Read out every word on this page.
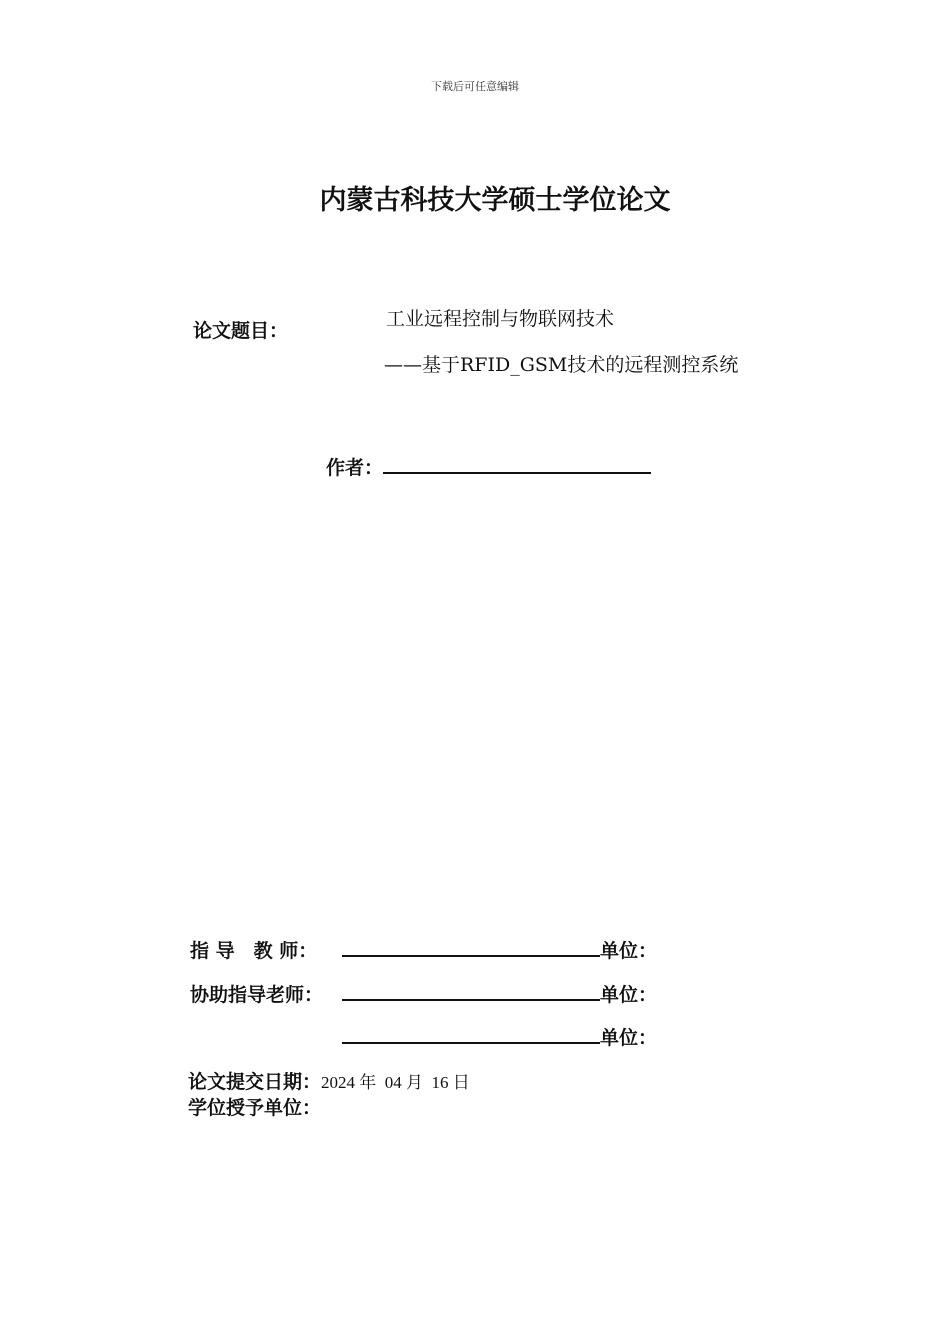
下载后可任意编辑
内蒙古科技大学硕士学位论文
论文题目：
工业远程控制与物联网技术
——基于RFID_GSM技术的远程测控系统
作者：
指 导　教 师：	单位：
协助指导老师：	单位：
单位：
论文提交日期：2024 年  04 月  16 日
学位授予单位：
